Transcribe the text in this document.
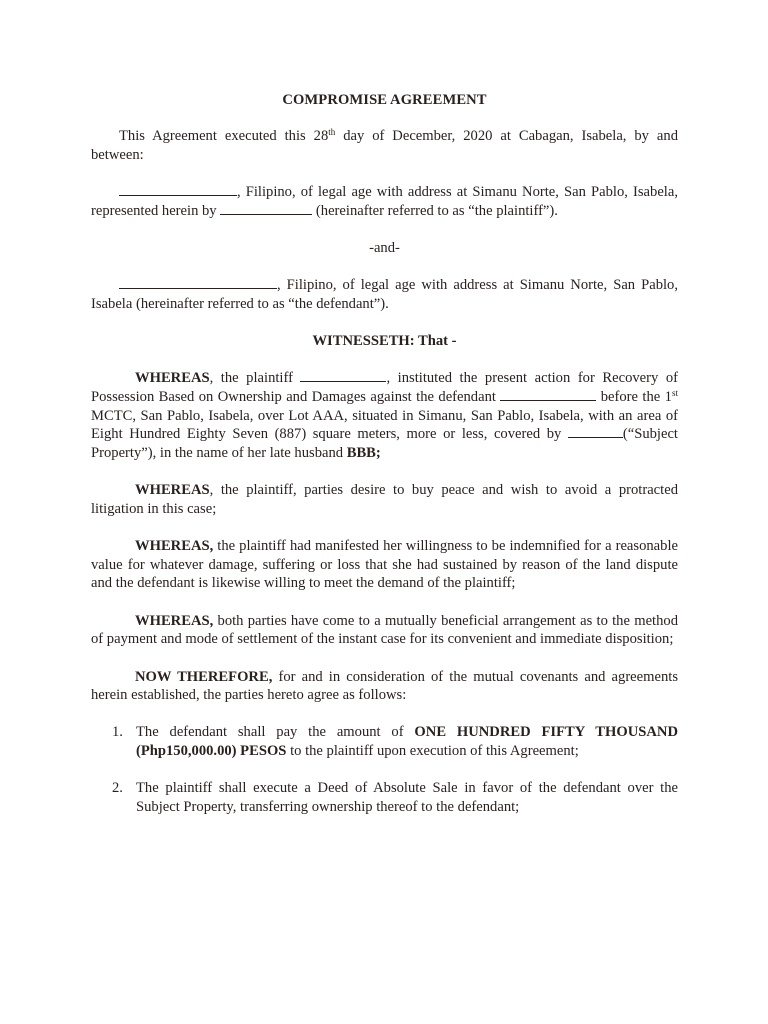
COMPROMISE AGREEMENT

This Agreement executed this 28th day of December, 2020 at Cabagan, Isabela, by and between:

, Filipino, of legal age with address at Simanu Norte, San Pablo, Isabela, represented herein by	(hereinafter referred to as “the plaintiff”).

-and-

, Filipino, of legal age with address at Simanu Norte, San Pablo, Isabela (hereinafter referred to as “the defendant”).

WITNESSETH: That -

WHEREAS, the plaintiff	, instituted the present action for Recovery of Possession Based on Ownership and Damages against the defendant	before the 1st MCTC, San Pablo, Isabela, over Lot AAA, situated in Simanu, San Pablo, Isabela, with an area of Eight Hundred Eighty Seven (887) square meters, more or less, covered by	(“Subject Property”), in the name of her late husband BBB;

WHEREAS, the plaintiff, parties desire to buy peace and wish to avoid a protracted litigation in this case;

WHEREAS, the plaintiff had manifested her willingness to be indemnified for a reasonable value for whatever damage, suffering or loss that she had sustained by reason of the land dispute and the defendant is likewise willing to meet the demand of the plaintiff;

WHEREAS, both parties have come to a mutually beneficial arrangement as to the method of payment and mode of settlement of the instant case for its convenient and immediate disposition;

NOW THEREFORE, for and in consideration of the mutual covenants and agreements herein established, the parties hereto agree as follows:

1. The defendant shall pay the amount of ONE HUNDRED FIFTY THOUSAND (Php150,000.00) PESOS to the plaintiff upon execution of this Agreement;
2. The plaintiff shall execute a Deed of Absolute Sale in favor of the defendant over the Subject Property, transferring ownership thereof to the defendant;
